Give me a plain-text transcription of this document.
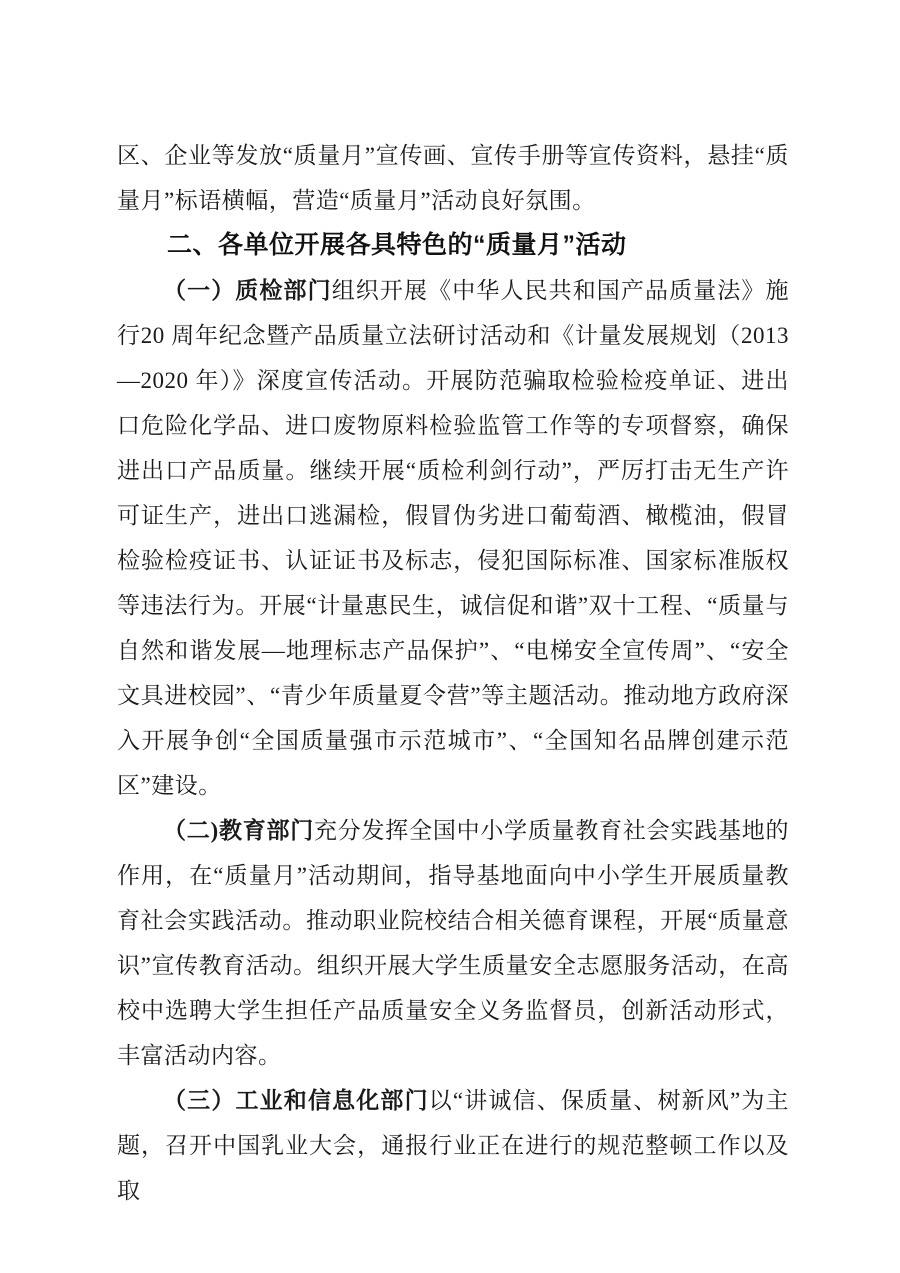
区、企业等发放“质量月”宣传画、宣传手册等宣传资料，悬挂“质量月”标语横幅，营造“质量月”活动良好氛围。

二、各单位开展各具特色的“质量月”活动

（一）质检部门组织开展《中华人民共和国产品质量法》施行20 周年纪念暨产品质量立法研讨活动和《计量发展规划（2013—2020 年）》深度宣传活动。开展防范骗取检验检疫单证、进出口危险化学品、进口废物原料检验监管工作等的专项督察，确保进出口产品质量。继续开展“质检利剑行动”，严厉打击无生产许可证生产，进出口逃漏检，假冒伪劣进口葡萄酒、橄榄油，假冒检验检疫证书、认证证书及标志，侵犯国际标准、国家标准版权等违法行为。开展“计量惠民生，诚信促和谐”双十工程、“质量与自然和谐发展—地理标志产品保护”、“电梯安全宣传周”、“安全文具进校园”、“青少年质量夏令营”等主题活动。推动地方政府深入开展争创“全国质量强市示范城市”、“全国知名品牌创建示范区”建设。

（二)教育部门充分发挥全国中小学质量教育社会实践基地的作用，在“质量月”活动期间，指导基地面向中小学生开展质量教育社会实践活动。推动职业院校结合相关德育课程，开展“质量意识”宣传教育活动。组织开展大学生质量安全志愿服务活动，在高校中选聘大学生担任产品质量安全义务监督员，创新活动形式，丰富活动内容。

（三）工业和信息化部门以“讲诚信、保质量、树新风”为主题，召开中国乳业大会，通报行业正在进行的规范整顿工作以及取
